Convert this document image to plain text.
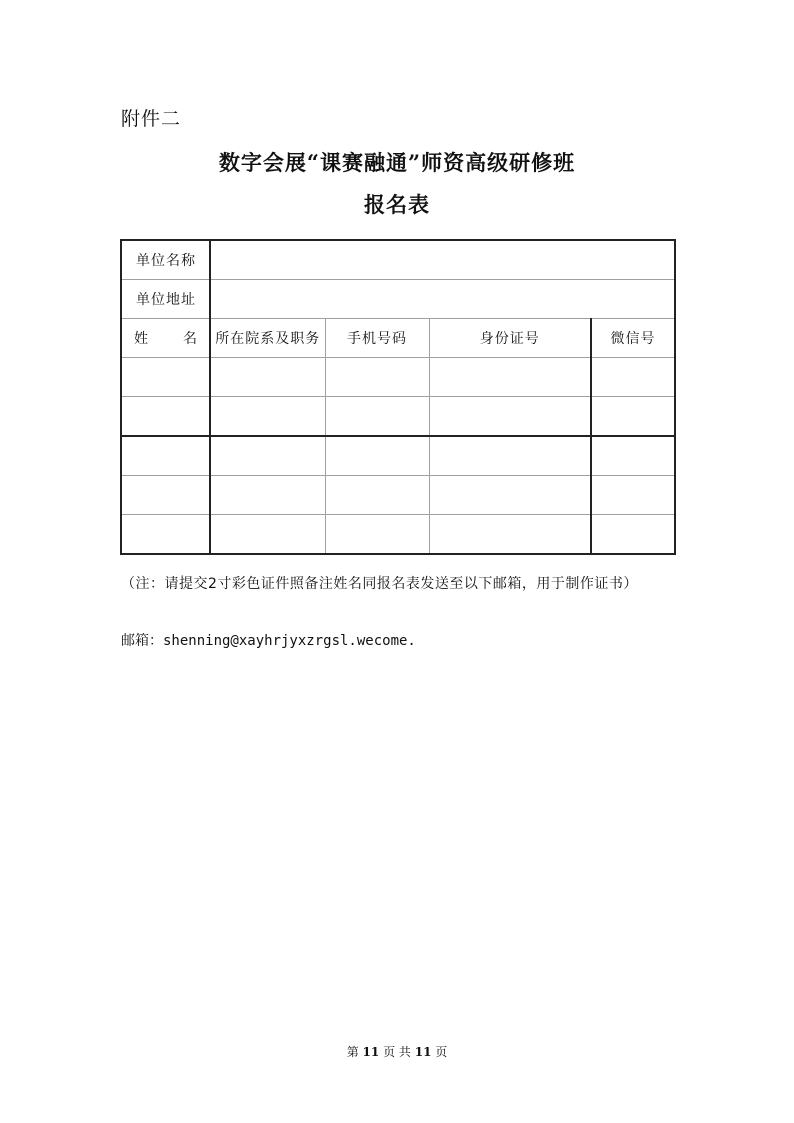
附件二
数字会展“课赛融通”师资高级研修班
报名表
单位名称				
单位地址				

姓 名	所在院系及职务	手机号码	身份证号	微信号

（注：请提交2寸彩色证件照备注姓名同报名表发送至以下邮箱，用于制作证书）
邮箱：shenning@xayhrjyxzrgsl.wecome.
第 11 页 共 11 页
